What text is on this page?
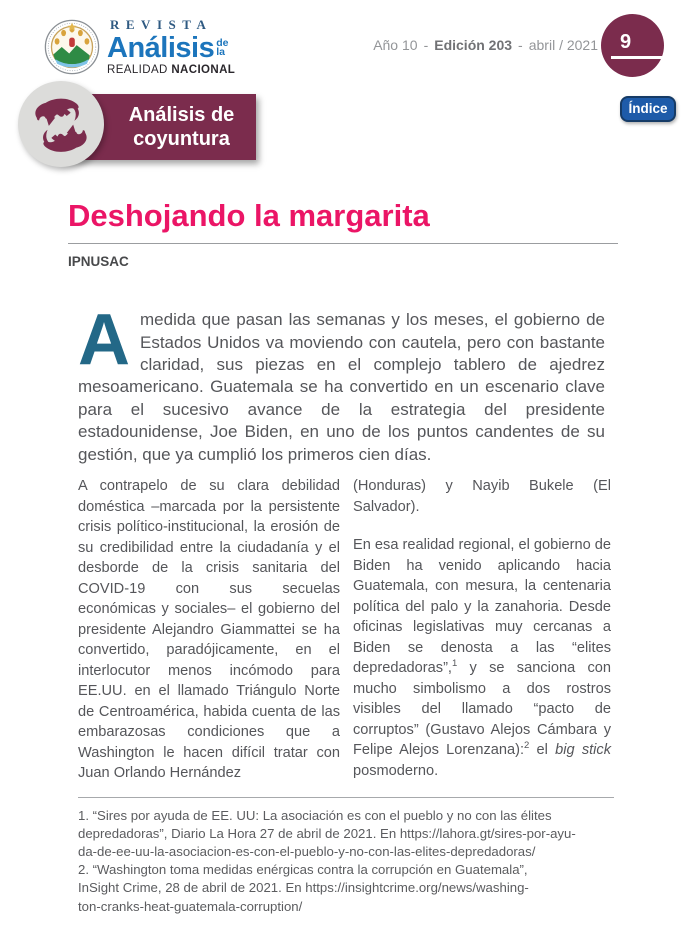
REVISTA
Análisis de
la
REALIDAD NACIONAL
Año 10 - Edición 203 - abril / 2021	9
Índice
Análisis de
coyuntura
Deshojando la margarita
IPNUSAC

Amedida que pasan las semanas y los meses, el gobierno de Estados Unidos va moviendo con cautela, pero con bastante claridad, sus piezas en el complejo tablero de ajedrez mesoamericano. Guatemala se ha convertido en un escenario clave para el sucesivo avance de la estrategia del presidente estadounidense, Joe Biden, en uno de los puntos candentes de su gestión, que ya cumplió los primeros cien días.

A contrapelo de su clara debilidad doméstica –marcada por la persistente crisis político-institucional, la erosión de su credibilidad entre la ciudadanía y el desborde de la crisis sanitaria del COVID-19 con sus secuelas económicas y sociales– el gobierno del presidente Alejandro Giammattei se ha convertido, paradójicamente, en el interlocutor menos incómodo para EE.UU. en el llamado Triángulo Norte de Centroamérica, habida cuenta de las embarazosas condiciones que a Washington le hacen difícil tratar con Juan Orlando Hernández

(Honduras) y Nayib Bukele (El Salvador).

En esa realidad regional, el gobierno de Biden ha venido aplicando hacia Guatemala, con mesura, la centenaria política del palo y la zanahoria. Desde oficinas legislativas muy cercanas a Biden se denosta a las “elites depredadoras”,$^1$ y se sanciona con mucho simbolismo a dos rostros visibles del llamado “pacto de corruptos” (Gustavo Alejos Cámbara y Felipe Alejos Lorenzana):$^2$ el big stick posmoderno.

1. “Sires por ayuda de EE. UU: La asociación es con el pueblo y no con las élites
depredadoras”, Diario La Hora 27 de abril de 2021. En https://lahora.gt/sires-por-ayu-
da-de-ee-uu-la-asociacion-es-con-el-pueblo-y-no-con-las-elites-depredadoras/
2. “Washington toma medidas enérgicas contra la corrupción en Guatemala”,
InSight Crime, 28 de abril de 2021. En https://insightcrime.org/news/washing-
ton-cranks-heat-guatemala-corruption/
